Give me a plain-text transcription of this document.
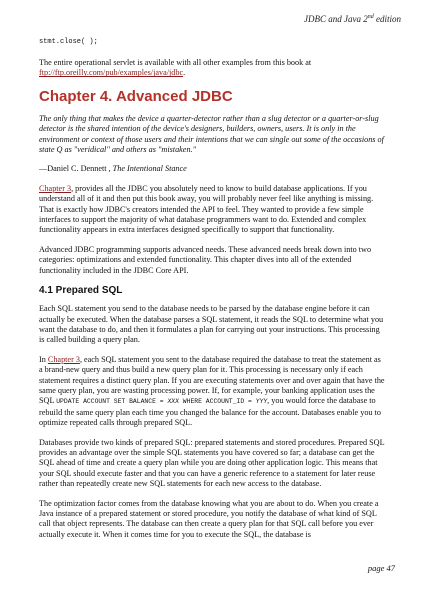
JDBC and Java 2nd edition
stmt.close( );

The entire operational servlet is available with all other examples from this book at ftp://ftp.oreilly.com/pub/examples/java/jdbc.

Chapter 4. Advanced JDBC

The only thing that makes the device a quarter-detector rather than a slug detector or a quarter-or-slug detector is the shared intention of the device's designers, builders, owners, users. It is only in the environment or context of those users and their intentions that we can single out some of the occasions of state Q as "veridical" and others as "mistaken."

—Daniel C. Dennett , The Intentional Stance

Chapter 3, provides all the JDBC you absolutely need to know to build database applications. If you understand all of it and then put this book away, you will probably never feel like anything is missing. That is exactly how JDBC's creators intended the API to feel. They wanted to provide a few simple interfaces to support the majority of what database programmers want to do. Extended and complex functionality appears in extra interfaces designed specifically to support that functionality.

Advanced JDBC programming supports advanced needs. These advanced needs break down into two categories: optimizations and extended functionality. This chapter dives into all of the extended functionality included in the JDBC Core API.

4.1 Prepared SQL

Each SQL statement you send to the database needs to be parsed by the database engine before it can actually be executed. When the database parses a SQL statement, it reads the SQL to determine what you want the database to do, and then it formulates a plan for carrying out your instructions. This processing is called building a query plan.

In Chapter 3, each SQL statement you sent to the database required the database to treat the statement as a brand-new query and thus build a new query plan for it. This processing is necessary only if each statement requires a distinct query plan. If you are executing statements over and over again that have the same query plan, you are wasting processing power. If, for example, your banking application uses the SQL UPDATE ACCOUNT SET BALANCE = XXX WHERE ACCOUNT_ID = YYY, you would force the database to rebuild the same query plan each time you changed the balance for the account. Databases enable you to optimize repeated calls through prepared SQL.

Databases provide two kinds of prepared SQL: prepared statements and stored procedures. Prepared SQL provides an advantage over the simple SQL statements you have covered so far; a database can get the SQL ahead of time and create a query plan while you are doing other application logic. This means that your SQL should execute faster and that you can have a generic reference to a statement for later reuse rather than repeatedly create new SQL statements for each new access to the database.

The optimization factor comes from the database knowing what you are about to do. When you create a Java instance of a prepared statement or stored procedure, you notify the database of what kind of SQL call that object represents. The database can then create a query plan for that SQL call before you ever actually execute it. When it comes time for you to execute the SQL, the database is

page 47
